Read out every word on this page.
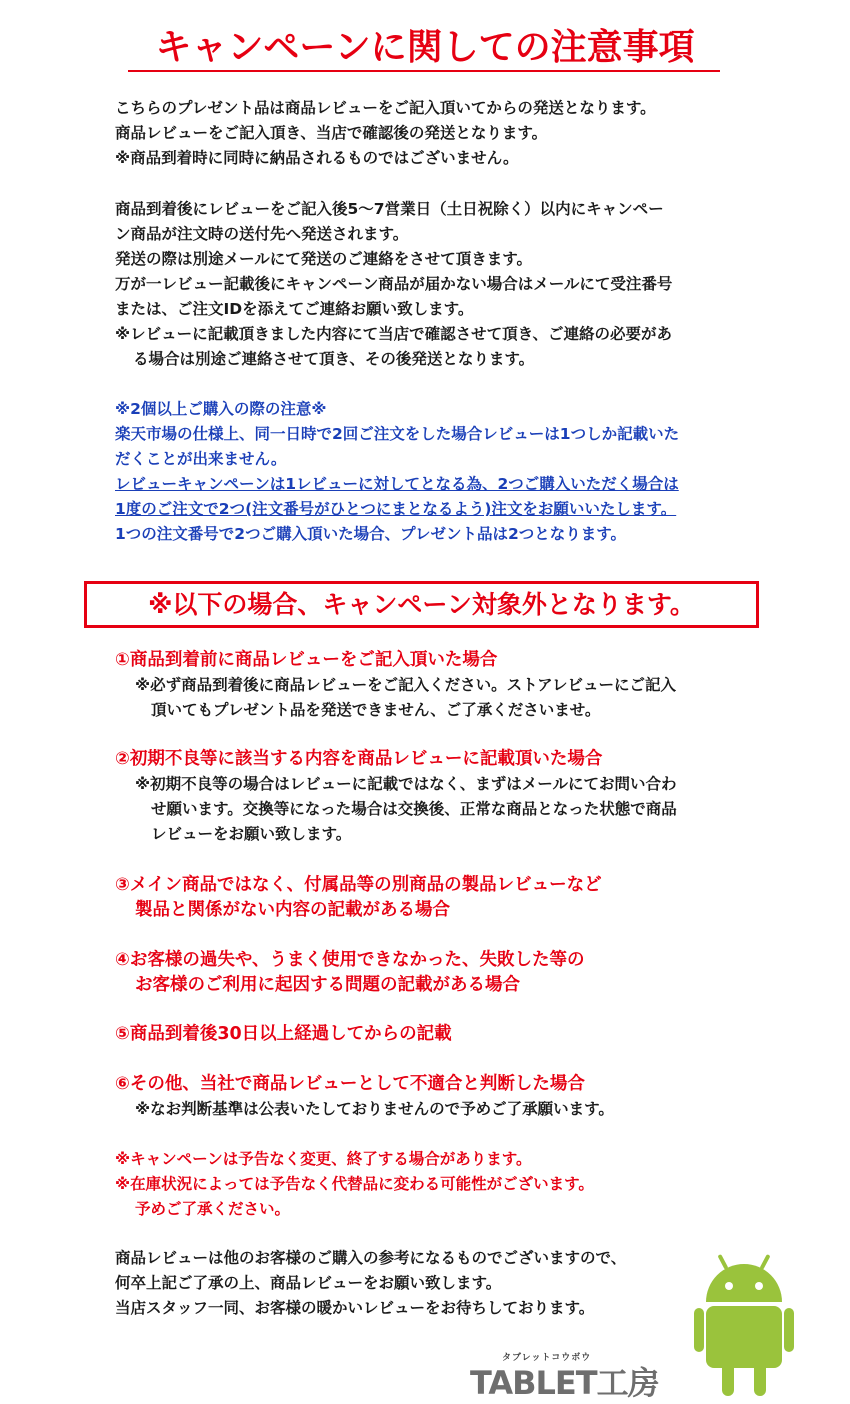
キャンペーンに関しての注意事項
こちらのプレゼント品は商品レビューをご記入頂いてからの発送となります。
商品レビューをご記入頂き、当店で確認後の発送となります。
※商品到着時に同時に納品されるものではございません。
商品到着後にレビューをご記入後5～7営業日（土日祝除く）以内にキャンペー
ン商品が注文時の送付先へ発送されます。
発送の際は別途メールにて発送のご連絡をさせて頂きます。
万が一レビュー記載後にキャンペーン商品が届かない場合はメールにて受注番号
または、ご注文IDを添えてご連絡お願い致します。
※レビューに記載頂きました内容にて当店で確認させて頂き、ご連絡の必要があ
る場合は別途ご連絡させて頂き、その後発送となります。
※2個以上ご購入の際の注意※
楽天市場の仕様上、同一日時で2回ご注文をした場合レビューは1つしか記載いた
だくことが出来ません。
レビューキャンペーンは1レビューに対してとなる為、2つご購入いただく場合は
1度のご注文で2つ(注文番号がひとつにまとなるよう)注文をお願いいたします。
1つの注文番号で2つご購入頂いた場合、プレゼント品は2つとなります。
※以下の場合、キャンペーン対象外となります。
①商品到着前に商品レビューをご記入頂いた場合
※必ず商品到着後に商品レビューをご記入ください。ストアレビューにご記入
頂いてもプレゼント品を発送できません、ご了承くださいませ。
②初期不良等に該当する内容を商品レビューに記載頂いた場合
※初期不良等の場合はレビューに記載ではなく、まずはメールにてお問い合わ
せ願います。交換等になった場合は交換後、正常な商品となった状態で商品
レビューをお願い致します。
③メイン商品ではなく、付属品等の別商品の製品レビューなど
製品と関係がない内容の記載がある場合
④お客様の過失や、うまく使用できなかった、失敗した等の
お客様のご利用に起因する問題の記載がある場合
⑤商品到着後30日以上経過してからの記載
⑥その他、当社で商品レビューとして不適合と判断した場合
※なお判断基準は公表いたしておりませんので予めご了承願います。
※キャンペーンは予告なく変更、終了する場合があります。
※在庫状況によっては予告なく代替品に変わる可能性がございます。
予めご了承ください。
商品レビューは他のお客様のご購入の参考になるものでございますので、
何卒上記ご了承の上、商品レビューをお願い致します。
当店スタッフ一同、お客様の暖かいレビューをお待ちしております。
タブレットコウボウ
TABLET工房
